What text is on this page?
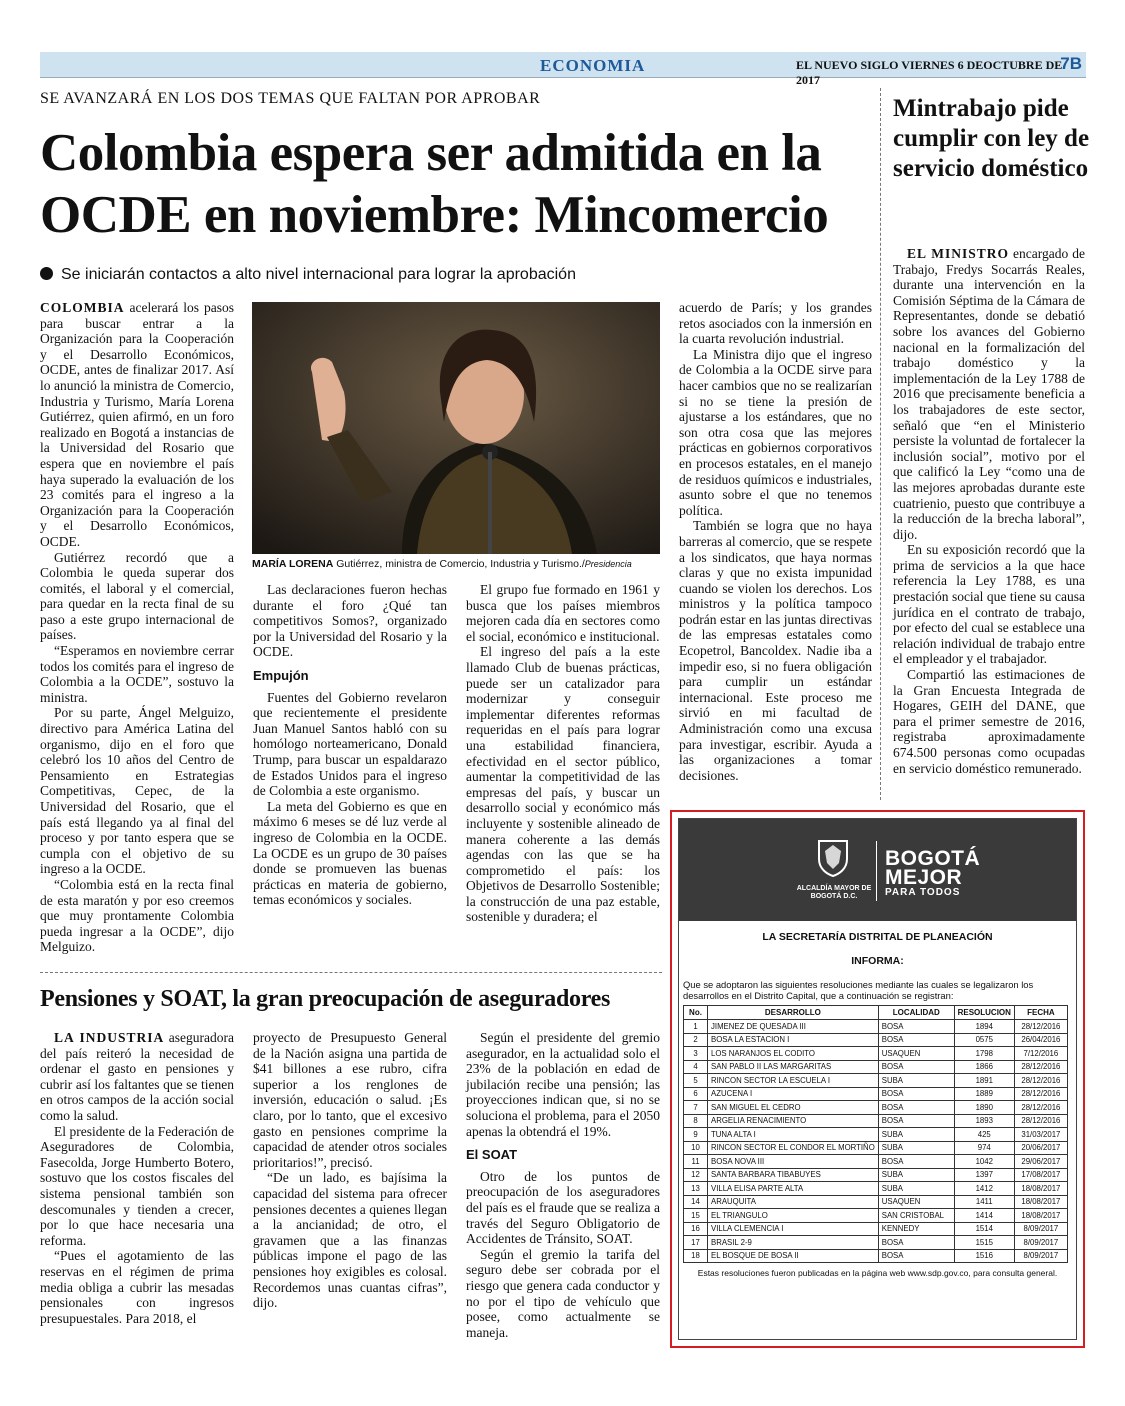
ECONOMIA	EL NUEVO SIGLO VIERNES 6 DEOCTUBRE DE 2017
7B
SE AVANZARÁ EN LOS DOS TEMAS QUE FALTAN POR APROBAR
Colombia espera ser admitida en la OCDE en noviembre: Mincomercio
Se iniciarán contactos a alto nivel internacional para lograr la aprobación

COLOMBIA acelerará los pasos para buscar entrar a la Organización para la Cooperación y el Desarrollo Económicos, OCDE, antes de finalizar 2017. Así lo anunció la ministra de Comercio, Industria y Turismo, María Lorena Gutiérrez, quien afirmó, en un foro realizado en Bogotá a instancias de la Universidad del Rosario que espera que en noviembre el país haya superado la evaluación de los 23 comités para el ingreso a la Organización para la Cooperación y el Desarrollo Económicos, OCDE.

Gutiérrez recordó que a Colombia le queda superar dos comités, el laboral y el comercial, para quedar en la recta final de su paso a este grupo internacional de países.

“Esperamos en noviembre cerrar todos los comités para el ingreso de Colombia a la OCDE”, sostuvo la ministra.

Por su parte, Ángel Melguizo, directivo para América Latina del organismo, dijo en el foro que celebró los 10 años del Centro de Pensamiento en Estrategias Competitivas, Cepec, de la Universidad del Rosario, que el país está llegando ya al final del proceso y por tanto espera que se cumpla con el objetivo de su ingreso a la OCDE.

“Colombia está en la recta final de esta maratón y por eso creemos que muy prontamente Colombia pueda ingresar a la OCDE”, dijo Melguizo.

MARÍA LORENA Gutiérrez, ministra de Comercio, Industria y Turismo./Presidencia

Las declaraciones fueron hechas durante el foro ¿Qué tan competitivos Somos?, organizado por la Universidad del Rosario y la OCDE.

Empujón

Fuentes del Gobierno revelaron que recientemente el presidente Juan Manuel Santos habló con su homólogo norteamericano, Donald Trump, para buscar un espaldarazo de Estados Unidos para el ingreso de Colombia a este organismo.

La meta del Gobierno es que en máximo 6 meses se dé luz verde al ingreso de Colombia en la OCDE. La OCDE es un grupo de 30 países donde se promueven las buenas prácticas en materia de gobierno, temas económicos y sociales.

El grupo fue formado en 1961 y busca que los países miembros mejoren cada día en sectores como el social, económico e institucional.

El ingreso del país a la este llamado Club de buenas prácticas, puede ser un catalizador para modernizar y conseguir implementar diferentes reformas requeridas en el país para lograr una estabilidad financiera, efectividad en el sector público, aumentar la competitividad de las empresas del país, y buscar un desarrollo social y económico más incluyente y sostenible alineado de manera coherente a las demás agendas con las que se ha comprometido el país: los Objetivos de Desarrollo Sostenible; la construcción de una paz estable, sostenible y duradera; el

acuerdo de París; y los grandes retos asociados con la inmersión en la cuarta revolución industrial.

La Ministra dijo que el ingreso de Colombia a la OCDE sirve para hacer cambios que no se realizarían si no se tiene la presión de ajustarse a los estándares, que no son otra cosa que las mejores prácticas en gobiernos corporativos en procesos estatales, en el manejo de residuos químicos e industriales, asunto sobre el que no tenemos política.

También se logra que no haya barreras al comercio, que se respete a los sindicatos, que haya normas claras y que no exista impunidad cuando se violen los derechos. Los ministros y la política tampoco podrán estar en las juntas directivas de las empresas estatales como Ecopetrol, Bancoldex. Nadie iba a impedir eso, si no fuera obligación para cumplir un estándar internacional. Este proceso me sirvió en mi facultad de Administración como una excusa para investigar, escribir. Ayuda a las organizaciones a tomar decisiones.

Mintrabajo pide cumplir con ley de servicio doméstico

EL MINISTRO encargado de Trabajo, Fredys Socarrás Reales, durante una intervención en la Comisión Séptima de la Cámara de Representantes, donde se debatió sobre los avances del Gobierno nacional en la formalización del trabajo doméstico y la implementación de la Ley 1788 de 2016 que precisamente beneficia a los trabajadores de este sector, señaló que “en el Ministerio persiste la voluntad de fortalecer la inclusión social”, motivo por el que calificó la Ley “como una de las mejores aprobadas durante este cuatrienio, puesto que contribuye a la reducción de la brecha laboral”, dijo.

En su exposición recordó que la prima de servicios a la que hace referencia la Ley 1788, es una prestación social que tiene su causa jurídica en el contrato de trabajo, por efecto del cual se establece una relación individual de trabajo entre el empleador y el trabajador.

Compartió las estimaciones de la Gran Encuesta Integrada de Hogares, GEIH del DANE, que para el primer semestre de 2016, registraba aproximadamente 674.500 personas como ocupadas en servicio doméstico remunerado.

Pensiones y SOAT, la gran preocupación de aseguradores

LA INDUSTRIA aseguradora del país reiteró la necesidad de ordenar el gasto en pensiones y cubrir así los faltantes que se tienen en otros campos de la acción social como la salud.

El presidente de la Federación de Aseguradores de Colombia, Fasecolda, Jorge Humberto Botero, sostuvo que los costos fiscales del sistema pensional también son descomunales y tienden a crecer, por lo que hace necesaria una reforma.

“Pues el agotamiento de las reservas en el régimen de prima media obliga a cubrir las mesadas pensionales con ingresos presupuestales. Para 2018, el

proyecto de Presupuesto General de la Nación asigna una partida de $41 billones a ese rubro, cifra superior a los renglones de inversión, educación o salud. ¡Es claro, por lo tanto, que el excesivo gasto en pensiones comprime la capacidad de atender otros sociales prioritarios!”, precisó.

“De un lado, es bajísima la capacidad del sistema para ofrecer pensiones decentes a quienes llegan a la ancianidad; de otro, el gravamen que a las finanzas públicas impone el pago de las pensiones hoy exigibles es colosal. Recordemos unas cuantas cifras”, dijo.

Según el presidente del gremio asegurador, en la actualidad solo el 23% de la población en edad de jubilación recibe una pensión; las proyecciones indican que, si no se soluciona el problema, para el 2050 apenas la obtendrá el 19%.

El SOAT

Otro de los puntos de preocupación de los aseguradores del país es el fraude que se realiza a través del Seguro Obligatorio de Accidentes de Tránsito, SOAT.

Según el gremio la tarifa del seguro debe ser cobrada por el riesgo que genera cada conductor y no por el tipo de vehículo que posee, como actualmente se maneja.

ALCALDÍA MAYOR DE BOGOTÁ D.C.
BOGOTÁ
MEJOR
PARA TODOS
LA SECRETARÍA DISTRITAL DE PLANEACIÓN
INFORMA:
Que se adoptaron las siguientes resoluciones mediante las cuales se legalizaron los desarrollos en el Distrito Capital, que a continuación se registran:
No.	DESARROLLO	LOCALIDAD	RESOLUCION	FECHA
1	JIMENEZ DE QUESADA III	BOSA	1894	28/12/2016
2	BOSA LA ESTACION I	BOSA	0575	26/04/2016
3	LOS NARANJOS EL CODITO	USAQUEN	1798	7/12/2016
4	SAN PABLO II LAS MARGARITAS	BOSA	1866	28/12/2016
5	RINCON SECTOR LA ESCUELA I	SUBA	1891	28/12/2016
6	AZUCENA I	BOSA	1889	28/12/2016
7	SAN MIGUEL EL CEDRO	BOSA	1890	28/12/2016
8	ARGELIA RENACIMIENTO	BOSA	1893	28/12/2016
9	TUNA ALTA I	SUBA	425	31/03/2017
10	RINCON SECTOR EL CONDOR EL MORTIÑO	SUBA	974	20/06/2017
11	BOSA NOVA III	BOSA	1042	29/06/2017
12	SANTA BARBARA TIBABUYES	SUBA	1397	17/08/2017
13	VILLA ELISA PARTE ALTA	SUBA	1412	18/08/2017
14	ARAUQUITA	USAQUEN	1411	18/08/2017
15	EL TRIANGULO	SAN CRISTOBAL	1414	18/08/2017
16	VILLA CLEMENCIA I	KENNEDY	1514	8/09/2017
17	BRASIL 2-9	BOSA	1515	8/09/2017
18	EL BOSQUE DE BOSA II	BOSA	1516	8/09/2017
Estas resoluciones fueron publicadas en la página web www.sdp.gov.co, para consulta general.
